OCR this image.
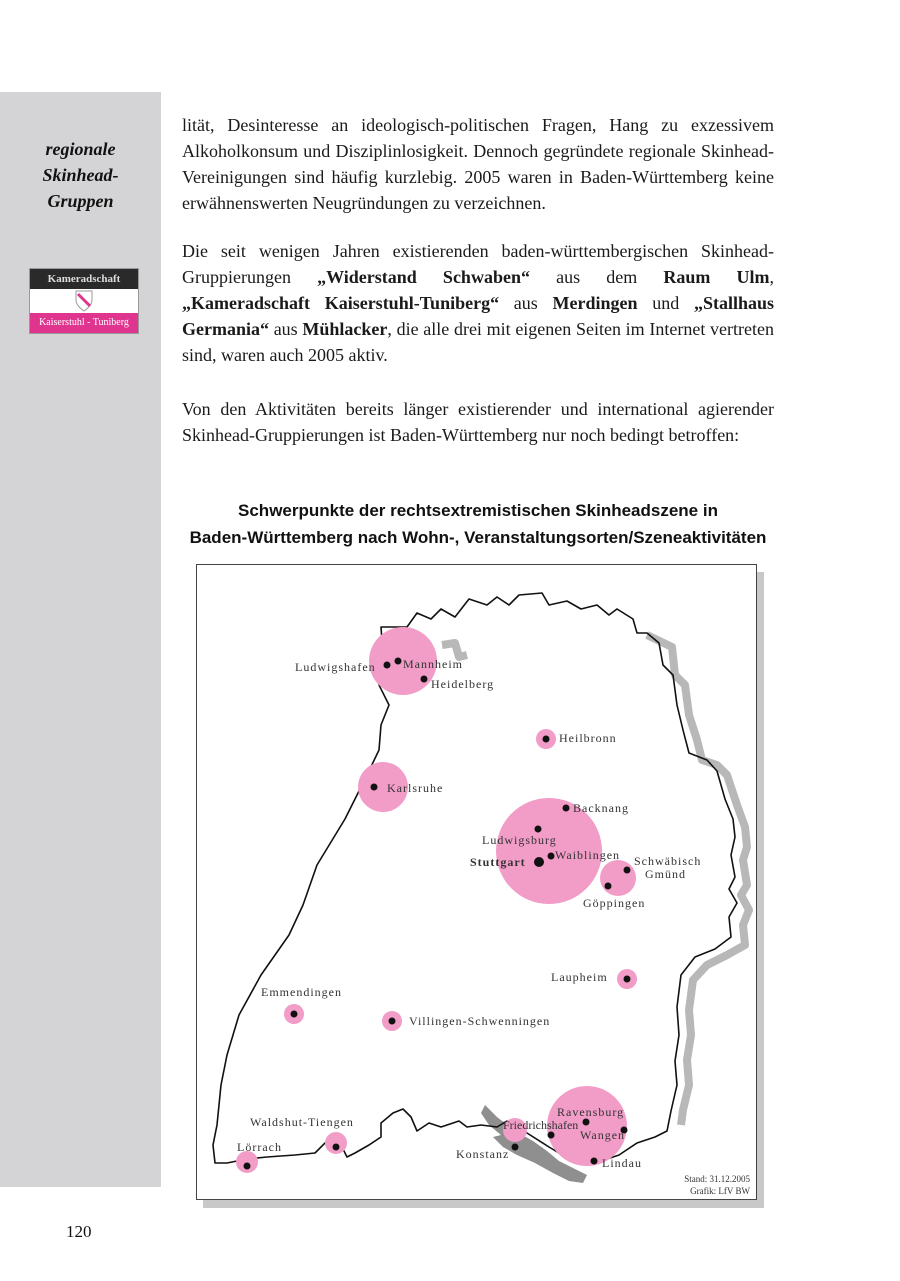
regionale
Skinhead-
Gruppen
Kameradschaft
Kaiserstuhl - Tuniberg

lität, Desinteresse an ideologisch-politischen Fragen, Hang zu exzessivem Alkoholkonsum und Disziplinlosigkeit. Dennoch gegründete regionale Skinhead-Vereinigungen sind häufig kurzlebig. 2005 waren in Baden-Württemberg keine erwähnenswerten Neugründungen zu verzeichnen.

Die seit wenigen Jahren existierenden baden-württembergischen Skinhead-Gruppierungen „Widerstand Schwaben“ aus dem Raum Ulm, „Kameradschaft Kaiserstuhl-Tuniberg“ aus Merdingen und „Stallhaus Germania“ aus Mühlacker, die alle drei mit eigenen Seiten im Internet vertreten sind, waren auch 2005 aktiv.

Von den Aktivitäten bereits länger existierender und international agierender Skinhead-Gruppierungen ist Baden-Württemberg nur noch bedingt betroffen:

Schwerpunkte der rechtsextremistischen Skinheadszene in
Baden-Württemberg nach Wohn-, Veranstaltungsorten/Szeneaktivitäten
Ludwigshafen Mannheim
Heidelberg
Heilbronn
Karlsruhe
Backnang
Ludwigsburg
Waiblingen
Stuttgart	Schwäbisch
Gmünd
Göppingen
Laupheim
Emmendingen
Villingen-Schwenningen
Ravensburg
Friedrichshafen
Wangen
Lindau
Waldshut-Tiengen
Lörrach	Konstanz
Stand: 31.12.2005
Grafik: LfV BW
120
